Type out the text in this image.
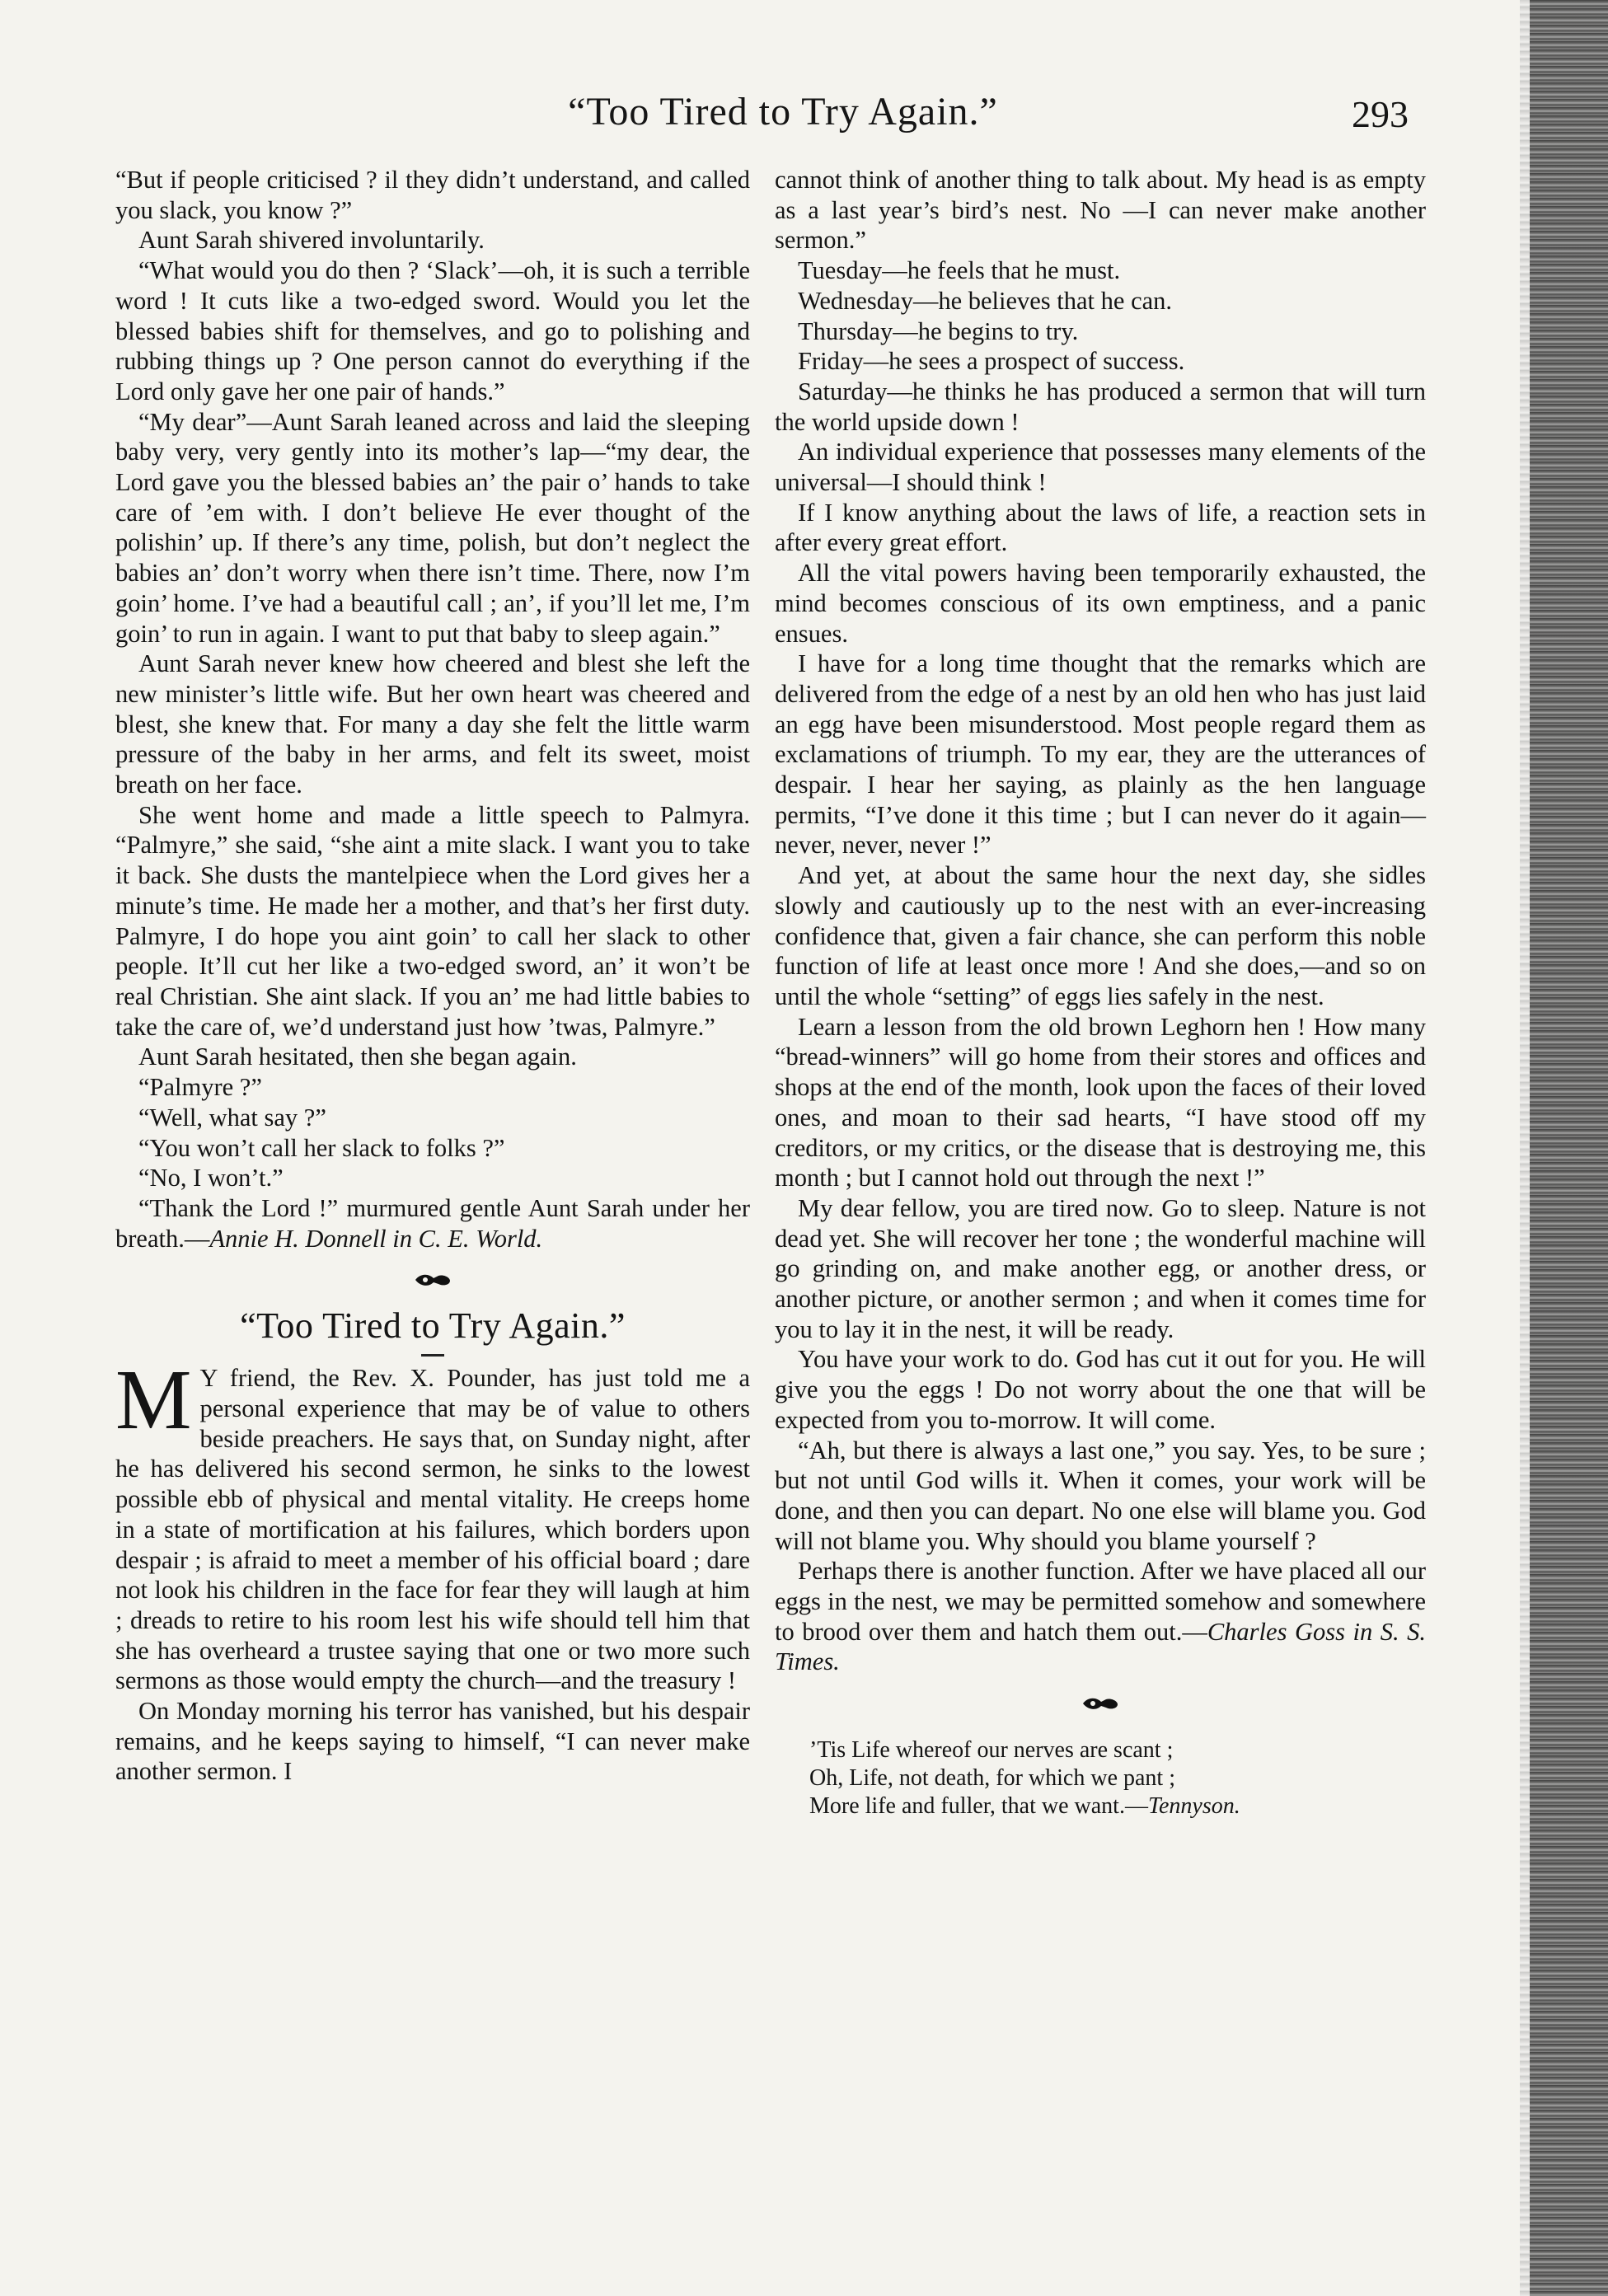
“Too Tired to Try Again.”	293

“But if people criticised ? il they didn’t understand, and called you slack, you know ?”

Aunt Sarah shivered involuntarily.

“What would you do then ? ‘Slack’—oh, it is such a terrible word ! It cuts like a two-edged sword. Would you let the blessed babies shift for themselves, and go to polishing and rubbing things up ? One person cannot do everything if the Lord only gave her one pair of hands.”

“My dear”—Aunt Sarah leaned across and laid the sleeping baby very, very gently into its mother’s lap—“my dear, the Lord gave you the blessed babies an’ the pair o’ hands to take care of ’em with. I don’t believe He ever thought of the polishin’ up. If there’s any time, polish, but don’t neglect the babies an’ don’t worry when there isn’t time. There, now I’m goin’ home. I’ve had a beautiful call ; an’, if you’ll let me, I’m goin’ to run in again. I want to put that baby to sleep again.”

Aunt Sarah never knew how cheered and blest she left the new minister’s little wife. But her own heart was cheered and blest, she knew that. For many a day she felt the little warm pressure of the baby in her arms, and felt its sweet, moist breath on her face.

She went home and made a little speech to Palmyra. “Palmyre,” she said, “she aint a mite slack. I want you to take it back. She dusts the mantelpiece when the Lord gives her a minute’s time. He made her a mother, and that’s her first duty. Palmyre, I do hope you aint goin’ to call her slack to other people. It’ll cut her like a two-edged sword, an’ it won’t be real Christian. She aint slack. If you an’ me had little babies to take the care of, we’d understand just how ’twas, Palmyre.”

Aunt Sarah hesitated, then she began again.

“Palmyre ?”

“Well, what say ?”

“You won’t call her slack to folks ?”

“No, I won’t.”

“Thank the Lord !” murmured gentle Aunt Sarah under her breath.—Annie H. Donnell in C. E. World.

“Too Tired to Try Again.”

M Y friend, the Rev. X. Pounder, has just told me a personal experience that may be of value to others beside preachers. He says that, on Sunday night, after he has delivered his second sermon, he sinks to the lowest possible ebb of physical and mental vitality. He creeps home in a state of mortification at his failures, which borders upon despair ; is afraid to meet a member of his official board ; dare not look his children in the face for fear they will laugh at him ; dreads to retire to his room lest his wife should tell him that she has overheard a trustee saying that one or two more such sermons as those would empty the church—and the treasury !

On Monday morning his terror has vanished, but his despair remains, and he keeps saying to himself, “I can never make another sermon. I

cannot think of another thing to talk about. My head is as empty as a last year’s bird’s nest. No —I can never make another sermon.”

Tuesday—he feels that he must.

Wednesday—he believes that he can.

Thursday—he begins to try.

Friday—he sees a prospect of success.

Saturday—he thinks he has produced a sermon that will turn the world upside down !

An individual experience that possesses many elements of the universal—I should think !

If I know anything about the laws of life, a reaction sets in after every great effort.

All the vital powers having been temporarily exhausted, the mind becomes conscious of its own emptiness, and a panic ensues.

I have for a long time thought that the remarks which are delivered from the edge of a nest by an old hen who has just laid an egg have been misunderstood. Most people regard them as exclamations of triumph. To my ear, they are the utterances of despair. I hear her saying, as plainly as the hen language permits, “I’ve done it this time ; but I can never do it again— never, never, never !”

And yet, at about the same hour the next day, she sidles slowly and cautiously up to the nest with an ever-increasing confidence that, given a fair chance, she can perform this noble function of life at least once more ! And she does,—and so on until the whole “setting” of eggs lies safely in the nest.

Learn a lesson from the old brown Leghorn hen ! How many “bread-winners” will go home from their stores and offices and shops at the end of the month, look upon the faces of their loved ones, and moan to their sad hearts, “I have stood off my creditors, or my critics, or the disease that is destroying me, this month ; but I cannot hold out through the next !”

My dear fellow, you are tired now. Go to sleep. Nature is not dead yet. She will recover her tone ; the wonderful machine will go grinding on, and make another egg, or another dress, or another picture, or another sermon ; and when it comes time for you to lay it in the nest, it will be ready.

You have your work to do. God has cut it out for you. He will give you the eggs ! Do not worry about the one that will be expected from you to-morrow. It will come.

“Ah, but there is always a last one,” you say. Yes, to be sure ; but not until God wills it. When it comes, your work will be done, and then you can depart. No one else will blame you. God will not blame you. Why should you blame yourself ?

Perhaps there is another function. After we have placed all our eggs in the nest, we may be permitted somehow and somewhere to brood over them and hatch them out.—Charles Goss in S. S. Times.

’Tis Life whereof our nerves are scant ;
Oh, Life, not death, for which we pant ;
More life and fuller, that we want.—Tennyson.
